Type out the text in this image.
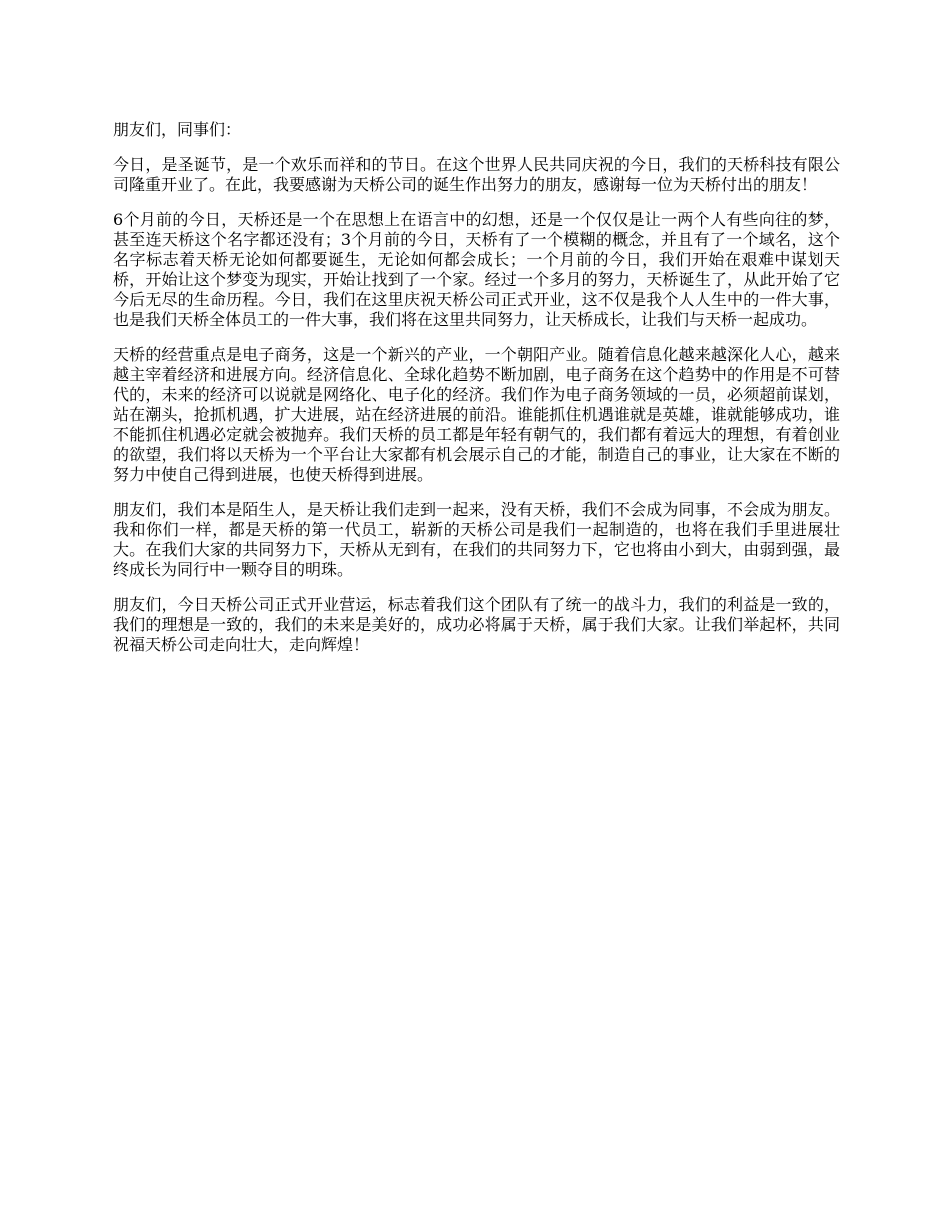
朋友们，同事们：

今日，是圣诞节，是一个欢乐而祥和的节日。在这个世界人民共同庆祝的今日，我们的天桥科技有限公司隆重开业了。在此，我要感谢为天桥公司的诞生作出努力的朋友，感谢每一位为天桥付出的朋友！

6个月前的今日，天桥还是一个在思想上在语言中的幻想，还是一个仅仅是让一两个人有些向往的梦，甚至连天桥这个名字都还没有；3个月前的今日，天桥有了一个模糊的概念，并且有了一个域名，这个名字标志着天桥无论如何都要诞生，无论如何都会成长；一个月前的今日，我们开始在艰难中谋划天桥，开始让这个梦变为现实，开始让找到了一个家。经过一个多月的努力，天桥诞生了，从此开始了它今后无尽的生命历程。今日，我们在这里庆祝天桥公司正式开业，这不仅是我个人人生中的一件大事，也是我们天桥全体员工的一件大事，我们将在这里共同努力，让天桥成长，让我们与天桥一起成功。

天桥的经营重点是电子商务，这是一个新兴的产业，一个朝阳产业。随着信息化越来越深化人心，越来越主宰着经济和进展方向。经济信息化、全球化趋势不断加剧，电子商务在这个趋势中的作用是不可替代的，未来的经济可以说就是网络化、电子化的经济。我们作为电子商务领域的一员，必须超前谋划，站在潮头，抢抓机遇，扩大进展，站在经济进展的前沿。谁能抓住机遇谁就是英雄，谁就能够成功，谁不能抓住机遇必定就会被抛弃。我们天桥的员工都是年轻有朝气的，我们都有着远大的理想，有着创业的欲望，我们将以天桥为一个平台让大家都有机会展示自己的才能，制造自己的事业，让大家在不断的努力中使自己得到进展，也使天桥得到进展。

朋友们，我们本是陌生人，是天桥让我们走到一起来，没有天桥，我们不会成为同事，不会成为朋友。我和你们一样，都是天桥的第一代员工，崭新的天桥公司是我们一起制造的，也将在我们手里进展壮大。在我们大家的共同努力下，天桥从无到有，在我们的共同努力下，它也将由小到大，由弱到强，最终成长为同行中一颗夺目的明珠。

朋友们，今日天桥公司正式开业营运，标志着我们这个团队有了统一的战斗力，我们的利益是一致的，我们的理想是一致的，我们的未来是美好的，成功必将属于天桥，属于我们大家。让我们举起杯，共同祝福天桥公司走向壮大，走向辉煌！
